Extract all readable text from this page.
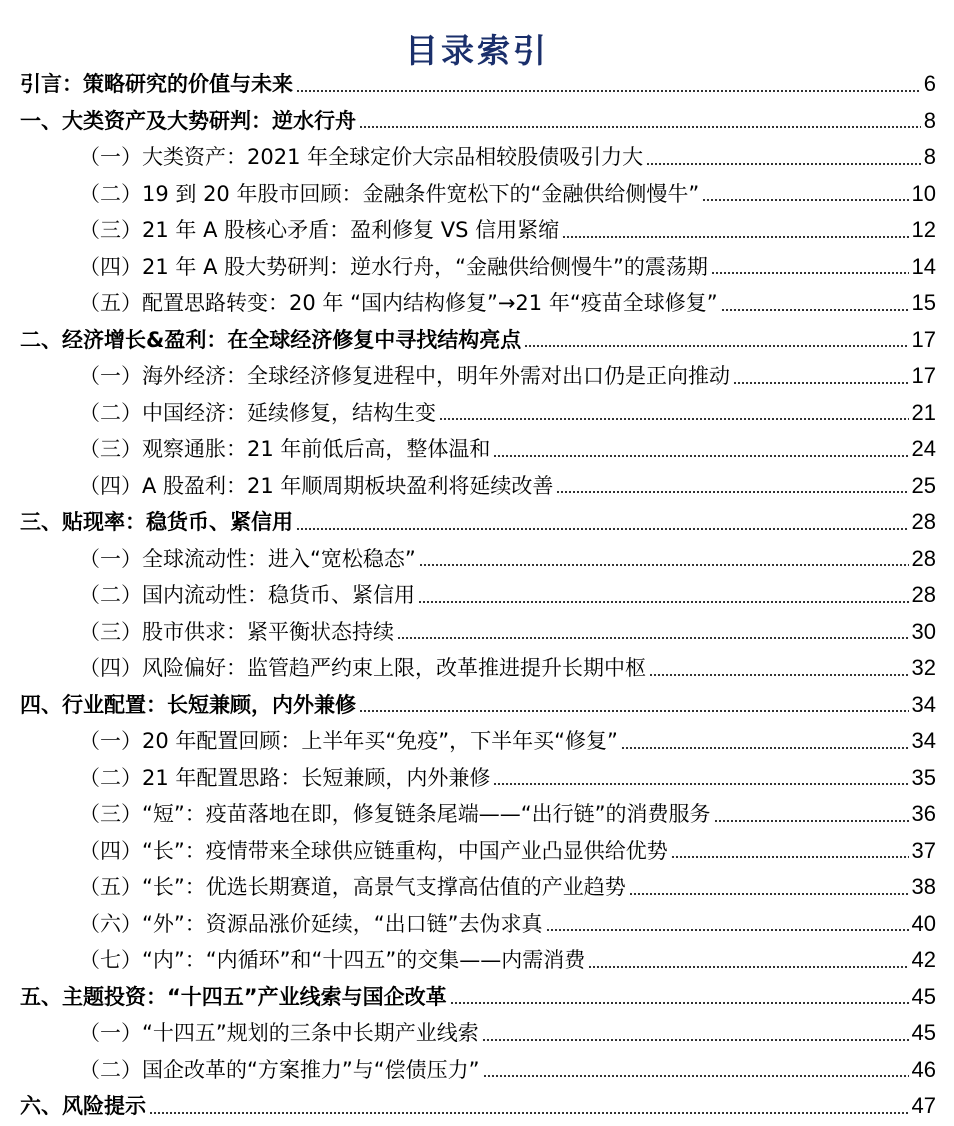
目录索引
引言：策略研究的价值与未来	6
一、大类资产及大势研判：逆水行舟	8
（一）大类资产：2021 年全球定价大宗品相较股债吸引力大	8
（二）19 到 20 年股市回顾：金融条件宽松下的“金融供给侧慢牛”	10
（三）21 年 A 股核心矛盾：盈利修复 VS 信用紧缩	12
（四）21 年 A 股大势研判：逆水行舟，“金融供给侧慢牛”的震荡期	14
（五）配置思路转变：20 年 “国内结构修复”→21 年“疫苗全球修复”	15
二、经济增长&盈利：在全球经济修复中寻找结构亮点	17
（一）海外经济：全球经济修复进程中，明年外需对出口仍是正向推动	17
（二）中国经济：延续修复，结构生变	21
（三）观察通胀：21 年前低后高，整体温和	24
（四）A 股盈利：21 年顺周期板块盈利将延续改善	25
三、贴现率：稳货币、紧信用	28
（一）全球流动性：进入“宽松稳态”	28
（二）国内流动性：稳货币、紧信用	28
（三）股市供求：紧平衡状态持续	30
（四）风险偏好：监管趋严约束上限，改革推进提升长期中枢	32
四、行业配置：长短兼顾，内外兼修	34
（一）20 年配置回顾：上半年买“免疫”，下半年买“修复”	34
（二）21 年配置思路：长短兼顾，内外兼修	35
（三）“短”：疫苗落地在即，修复链条尾端——“出行链”的消费服务	36
（四）“长”：疫情带来全球供应链重构，中国产业凸显供给优势	37
（五）“长”：优选长期赛道，高景气支撑高估值的产业趋势	38
（六）“外”：资源品涨价延续，“出口链”去伪求真	40
（七）“内”：“内循环”和“十四五”的交集——内需消费	42
五、主题投资：“十四五”产业线索与国企改革	45
（一）“十四五”规划的三条中长期产业线索	45
（二）国企改革的“方案推力”与“偿债压力”	46
六、风险提示	47
